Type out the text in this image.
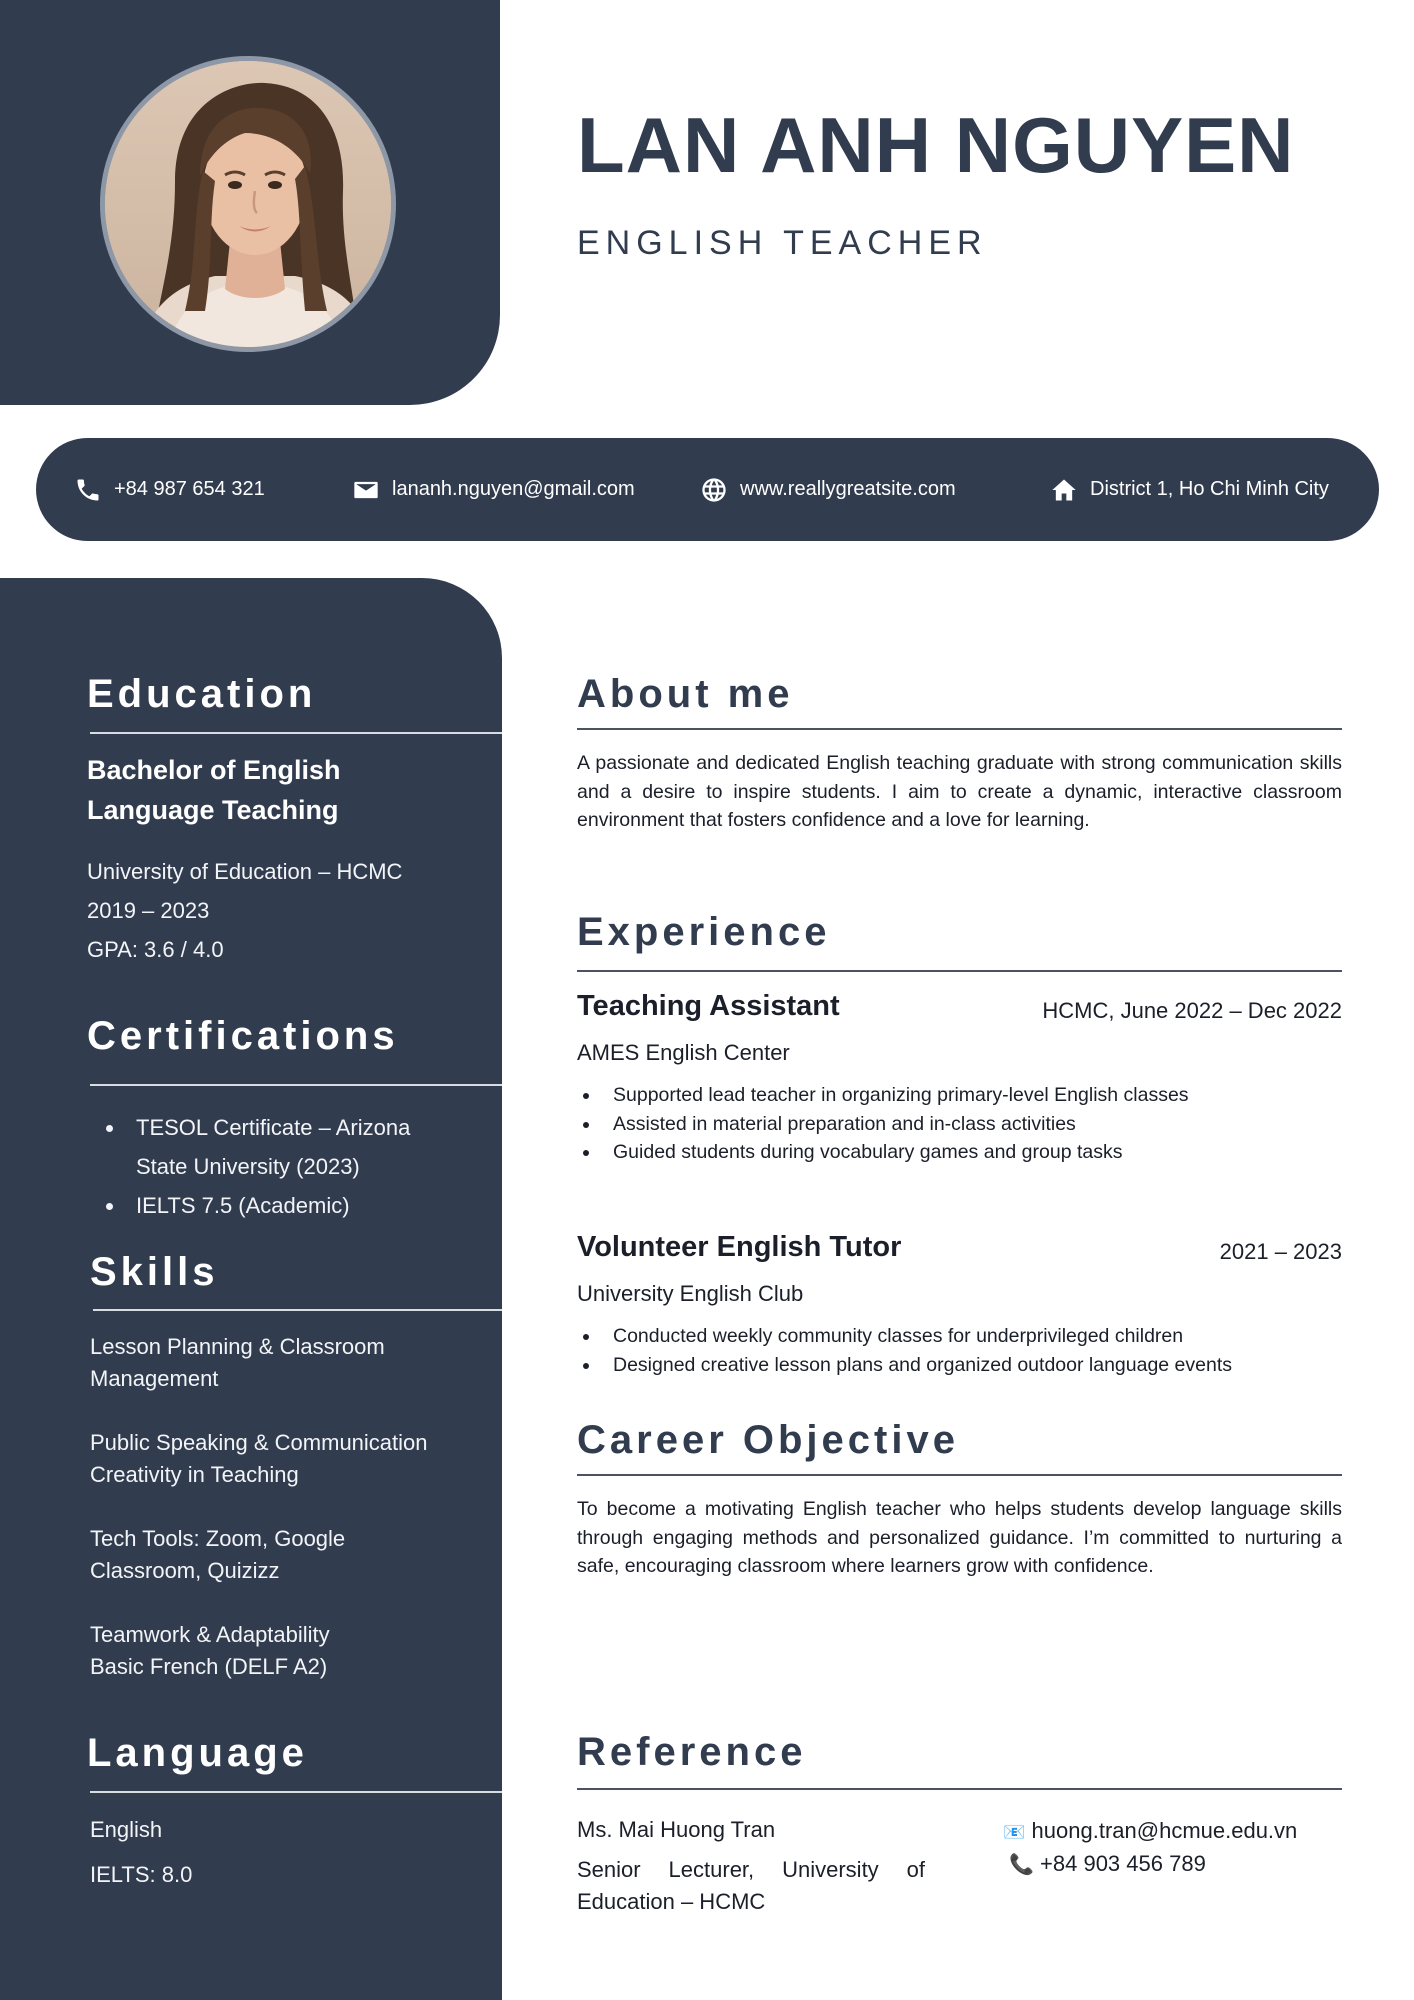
LAN ANH NGUYEN
ENGLISH TEACHER
+84 987 654 321	lananh.nguyen@gmail.com	www.reallygreatsite.com	District 1, Ho Chi Minh City
Education
Bachelor of English
Language Teaching
University of Education – HCMC
2019 – 2023
GPA: 3.6 / 4.0
Certifications
• TESOL Certificate – Arizona State University (2023)
• IELTS 7.5 (Academic)
Skills
Lesson Planning & Classroom Management
Public Speaking & Communication
Creativity in Teaching
Tech Tools: Zoom, Google Classroom, Quizizz
Teamwork & Adaptability
Basic French (DELF A2)
Language
English
IELTS: 8.0
About me
A passionate and dedicated English teaching graduate with strong communication skills and a desire to inspire students. I aim to create a dynamic, interactive classroom environment that fosters confidence and a love for learning.
Experience
Teaching Assistant	HCMC, June 2022 – Dec 2022
AMES English Center
• Supported lead teacher in organizing primary-level English classes
• Assisted in material preparation and in-class activities
• Guided students during vocabulary games and group tasks
Volunteer English Tutor	2021 – 2023
University English Club
• Conducted weekly community classes for underprivileged children
• Designed creative lesson plans and organized outdoor language events
Career Objective
To become a motivating English teacher who helps students develop language skills through engaging methods and personalized guidance. I’m committed to nurturing a safe, encouraging classroom where learners grow with confidence.
Reference
Ms. Mai Huong Tran
Senior Lecturer, University of Education – HCMC
📧 huong.tran@hcmue.edu.vn
📞 +84 903 456 789
